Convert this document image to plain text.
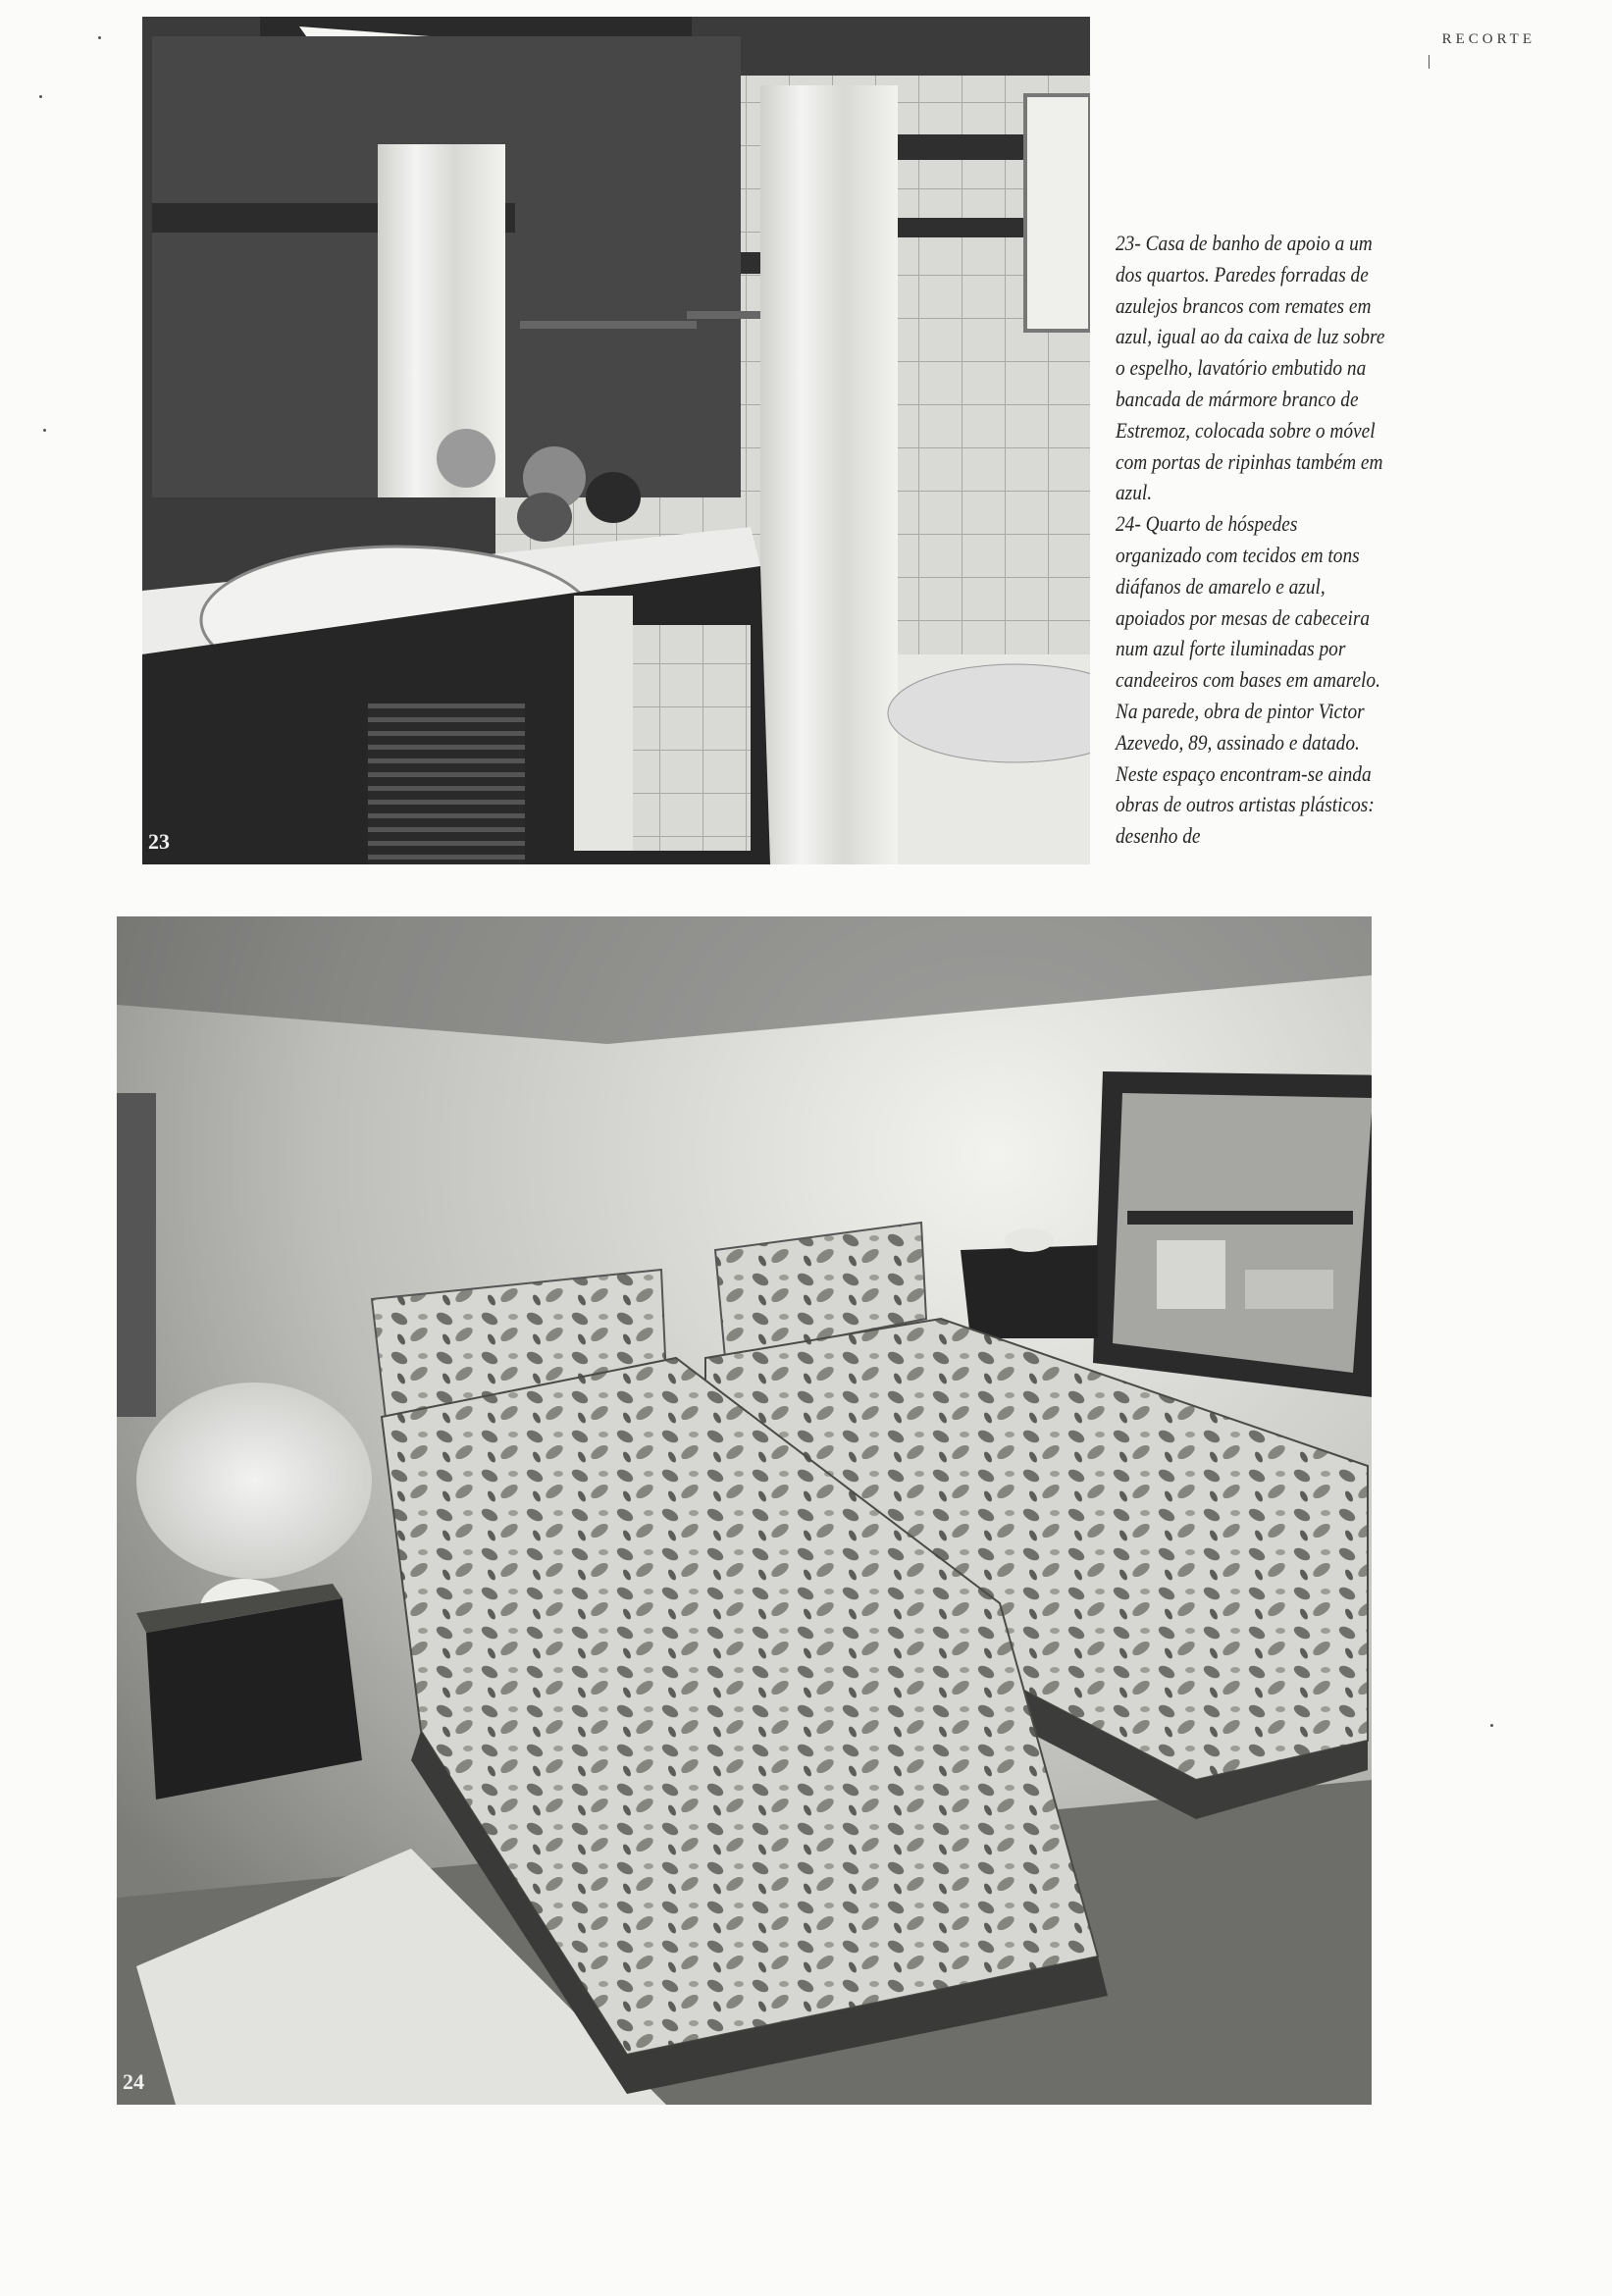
RECORTE
23

23- Casa de banho de apoio a um dos quartos. Paredes forradas de azulejos brancos com remates em azul, igual ao da caixa de luz sobre o espelho, lavatório embutido na bancada de mármore branco de Estremoz, colocada sobre o móvel com portas de ripinhas também em azul.

24- Quarto de hóspedes organizado com tecidos em tons diáfanos de amarelo e azul, apoiados por mesas de cabeceira num azul forte iluminadas por candeeiros com bases em amarelo. Na parede, obra de pintor Victor Azevedo, 89, assinado e datado. Neste espaço encontram-se ainda obras de outros artistas plásticos: desenho de

24
